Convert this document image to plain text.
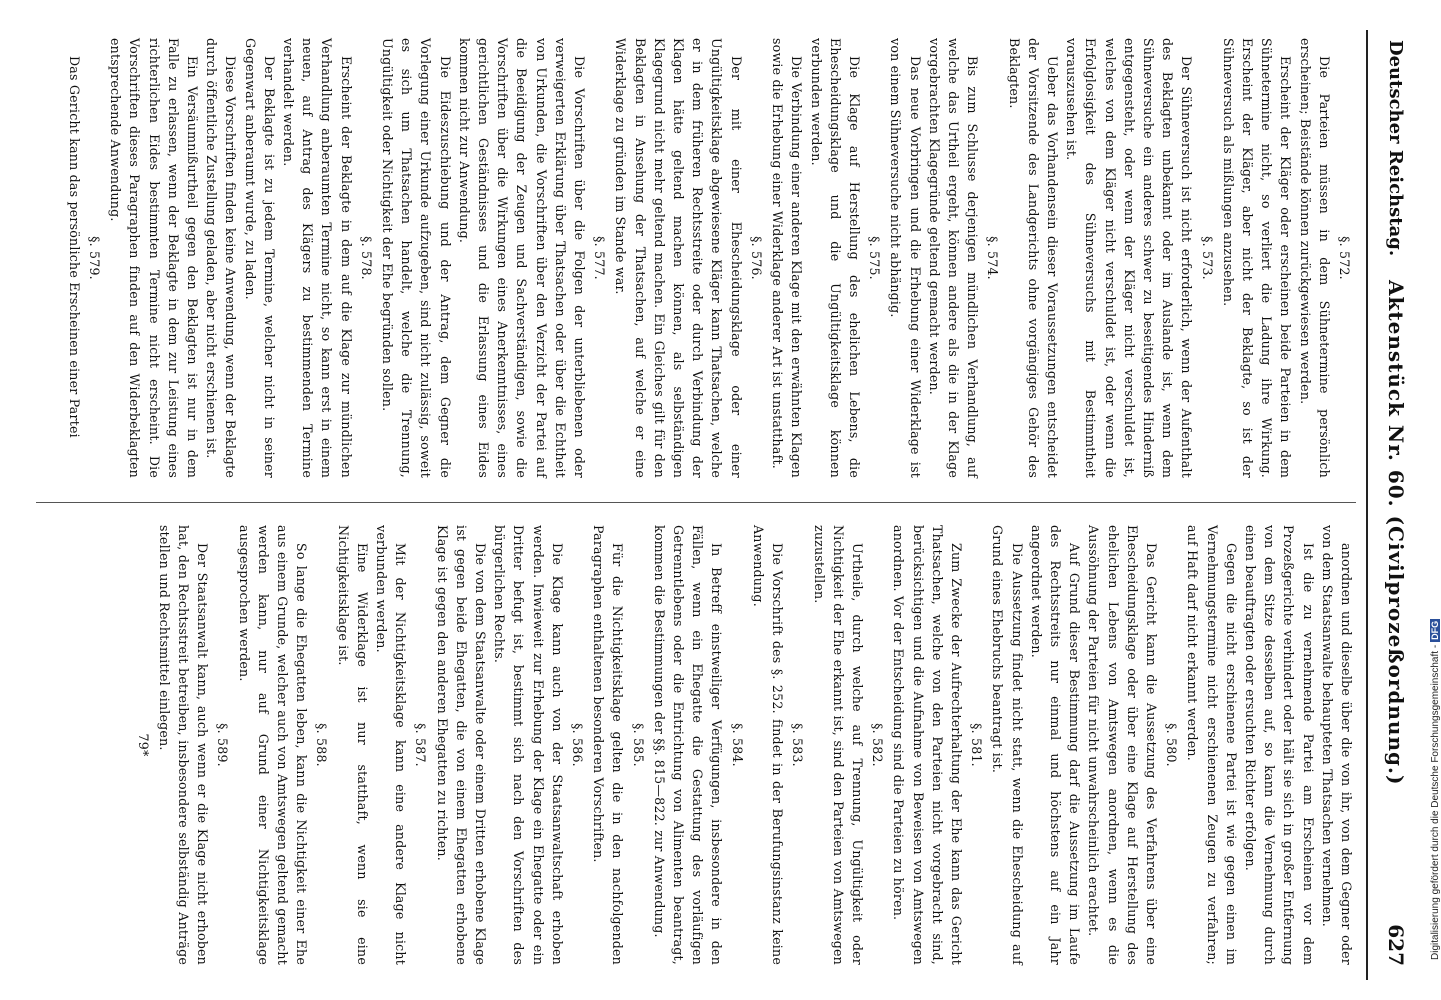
Deutscher Reichstag.
Aktenstück Nr. 60. (Civilprozeßordnung.)
627
§. 572.

Die Parteien müssen in dem Sühnetermine persönlich erscheinen; Beistände können zurückgewiesen werden.

Erscheint der Kläger oder erscheinen beide Parteien in dem Sühnetermine nicht, so verliert die Ladung ihre Wirkung. Erscheint der Kläger, aber nicht der Beklagte, so ist der Sühneversuch als mißlungen anzusehen.

§. 573.

Der Sühneversuch ist nicht erforderlich, wenn der Aufenthalt des Beklagten unbekannt oder im Auslande ist, wenn dem Sühneversuche ein anderes schwer zu beseitigendes Hinderniß entgegensteht, oder wenn der Kläger nicht verschuldet ist, welches von dem Kläger nicht verschuldet ist, oder wenn die Erfolglosigkeit des Sühneversuchs mit Bestimmtheit vorauszusehen ist.

Ueber das Vorhandensein dieser Voraussetzungen entscheidet der Vorsitzende des Landgerichts ohne vorgängiges Gehör des Beklagten.

§. 574.

Bis zum Schlusse derjenigen mündlichen Verhandlung, auf welche das Urtheil ergeht, können andere als die in der Klage vorgebrachten Klagegründe geltend gemacht werden.

Das neue Vorbringen und die Erhebung einer Widerklage ist von einem Sühneversuche nicht abhängig.

§. 575.

Die Klage auf Herstellung des ehelichen Lebens, die Ehescheidungsklage und die Ungültigkeitsklage können verbunden werden.

Die Verbindung einer anderen Klage mit den erwähnten Klagen sowie die Erhebung einer Widerklage anderer Art ist unstatthaft.

§. 576.

Der mit einer Ehescheidungsklage oder einer Ungültigkeitsklage abgewiesene Kläger kann Thatsachen, welche er in dem früheren Rechtsstreite oder durch Verbindung der Klagen hätte geltend machen können, als selbständigen Klagegrund nicht mehr geltend machen. Ein Gleiches gilt für den Beklagten in Ansehung der Thatsachen, auf welche er eine Widerklage zu gründen im Stande war.

§. 577.

Die Vorschriften über die Folgen der unterbliebenen oder verweigerten Erklärung über Thatsachen oder über die Echtheit von Urkunden, die Vorschriften über den Verzicht der Partei auf die Beeidigung der Zeugen und Sachverständigen, sowie die Vorschriften über die Wirkungen eines Anerkenntnisses, eines gerichtlichen Geständnisses und die Erlassung eines Eides kommen nicht zur Anwendung.

Die Eideszuschiebung und der Antrag, dem Gegner die Vorlegung einer Urkunde aufzugeben, sind nicht zulässig, soweit es sich um Thatsachen handelt, welche die Trennung, Ungültigkeit oder Nichtigkeit der Ehe begründen sollen.

§. 578.

Erscheint der Beklagte in dem auf die Klage zur mündlichen Verhandlung anberaumten Termine nicht, so kann erst in einem neuen, auf Antrag des Klägers zu bestimmenden Termine verhandelt werden.

Der Beklagte ist zu jedem Termine, welcher nicht in seiner Gegenwart anberaumt wurde, zu laden.

Diese Vorschriften finden keine Anwendung, wenn der Beklagte durch öffentliche Zustellung geladen, aber nicht erschienen ist.

Ein Versäumnißurtheil gegen den Beklagten ist nur in dem Falle zu erlassen, wenn der Beklagte in dem zur Leistung eines richterlichen Eides bestimmten Termine nicht erscheint. Die Vorschriften dieses Paragraphen finden auf den Widerbeklagten entsprechende Anwendung.

§. 579.

Das Gericht kann das persönliche Erscheinen einer Partei

anordnen und dieselbe über die von ihr, von dem Gegner oder von dem Staatsanwalte behaupteten Thatsachen vernehmen.

Ist die zu vernehmende Partei am Erscheinen vor dem Prozeßgerichte verhindert oder hält sie sich in großer Entfernung von dem Sitze desselben auf, so kann die Vernehmung durch einen beauftragten oder ersuchten Richter erfolgen.

Gegen die nicht erschienene Partei ist wie gegen einen im Vernehmungstermine nicht erschienenen Zeugen zu verfahren; auf Haft darf nicht erkannt werden.

§. 580.

Das Gericht kann die Aussetzung des Verfahrens über eine Ehescheidungsklage oder über eine Klage auf Herstellung des ehelichen Lebens von Amtswegen anordnen, wenn es die Aussöhnung der Parteien für nicht unwahrscheinlich erachtet.

Auf Grund dieser Bestimmung darf die Aussetzung im Laufe des Rechtsstreits nur einmal und höchstens auf ein Jahr angeordnet werden.

Die Aussetzung findet nicht statt, wenn die Ehescheidung auf Grund eines Ehebruchs beantragt ist.

§. 581.

Zum Zwecke der Aufrechterhaltung der Ehe kann das Gericht Thatsachen, welche von den Parteien nicht vorgebracht sind, berücksichtigen und die Aufnahme von Beweisen von Amtswegen anordnen. Vor der Entscheidung sind die Parteien zu hören.

§. 582.

Urtheile, durch welche auf Trennung, Ungültigkeit oder Nichtigkeit der Ehe erkannt ist, sind den Parteien von Amtswegen zuzustellen.

§. 583.

Die Vorschrift des §. 252. findet in der Berufungsinstanz keine Anwendung.

§. 584.

In Betreff einstweiliger Verfügungen, insbesondere in den Fällen, wenn ein Ehegatte die Gestattung des vorläufigen Getrenntlebens oder die Entrichtung von Alimenten beantragt, kommen die Bestimmungen der §§. 815—822. zur Anwendung.

§. 585.

Für die Nichtigkeitsklage gelten die in den nachfolgenden Paragraphen enthaltenen besonderen Vorschriften.

§. 586.

Die Klage kann auch von der Staatsanwaltschaft erhoben werden. Inwieweit zur Erhebung der Klage ein Ehegatte oder ein Dritter befugt ist, bestimmt sich nach den Vorschriften des bürgerlichen Rechts.

Die von dem Staatsanwalte oder einem Dritten erhobene Klage ist gegen beide Ehegatten, die von einem Ehegatten erhobene Klage ist gegen den anderen Ehegatten zu richten.

§. 587.

Mit der Nichtigkeitsklage kann eine andere Klage nicht verbunden werden.

Eine Widerklage ist nur statthaft, wenn sie eine Nichtigkeitsklage ist.

§. 588.

So lange die Ehegatten leben, kann die Nichtigkeit einer Ehe aus einem Grunde, welcher auch von Amtswegen geltend gemacht werden kann, nur auf Grund einer Nichtigkeitsklage ausgesprochen werden.

§. 589.

Der Staatsanwalt kann, auch wenn er die Klage nicht erhoben hat, den Rechtsstreit betreiben, insbesondere selbständig Anträge stellen und Rechtsmittel einlegen.

79*	Digitalisierung gefördert durch die Deutsche Forschungsgemeinschaft -DFG
